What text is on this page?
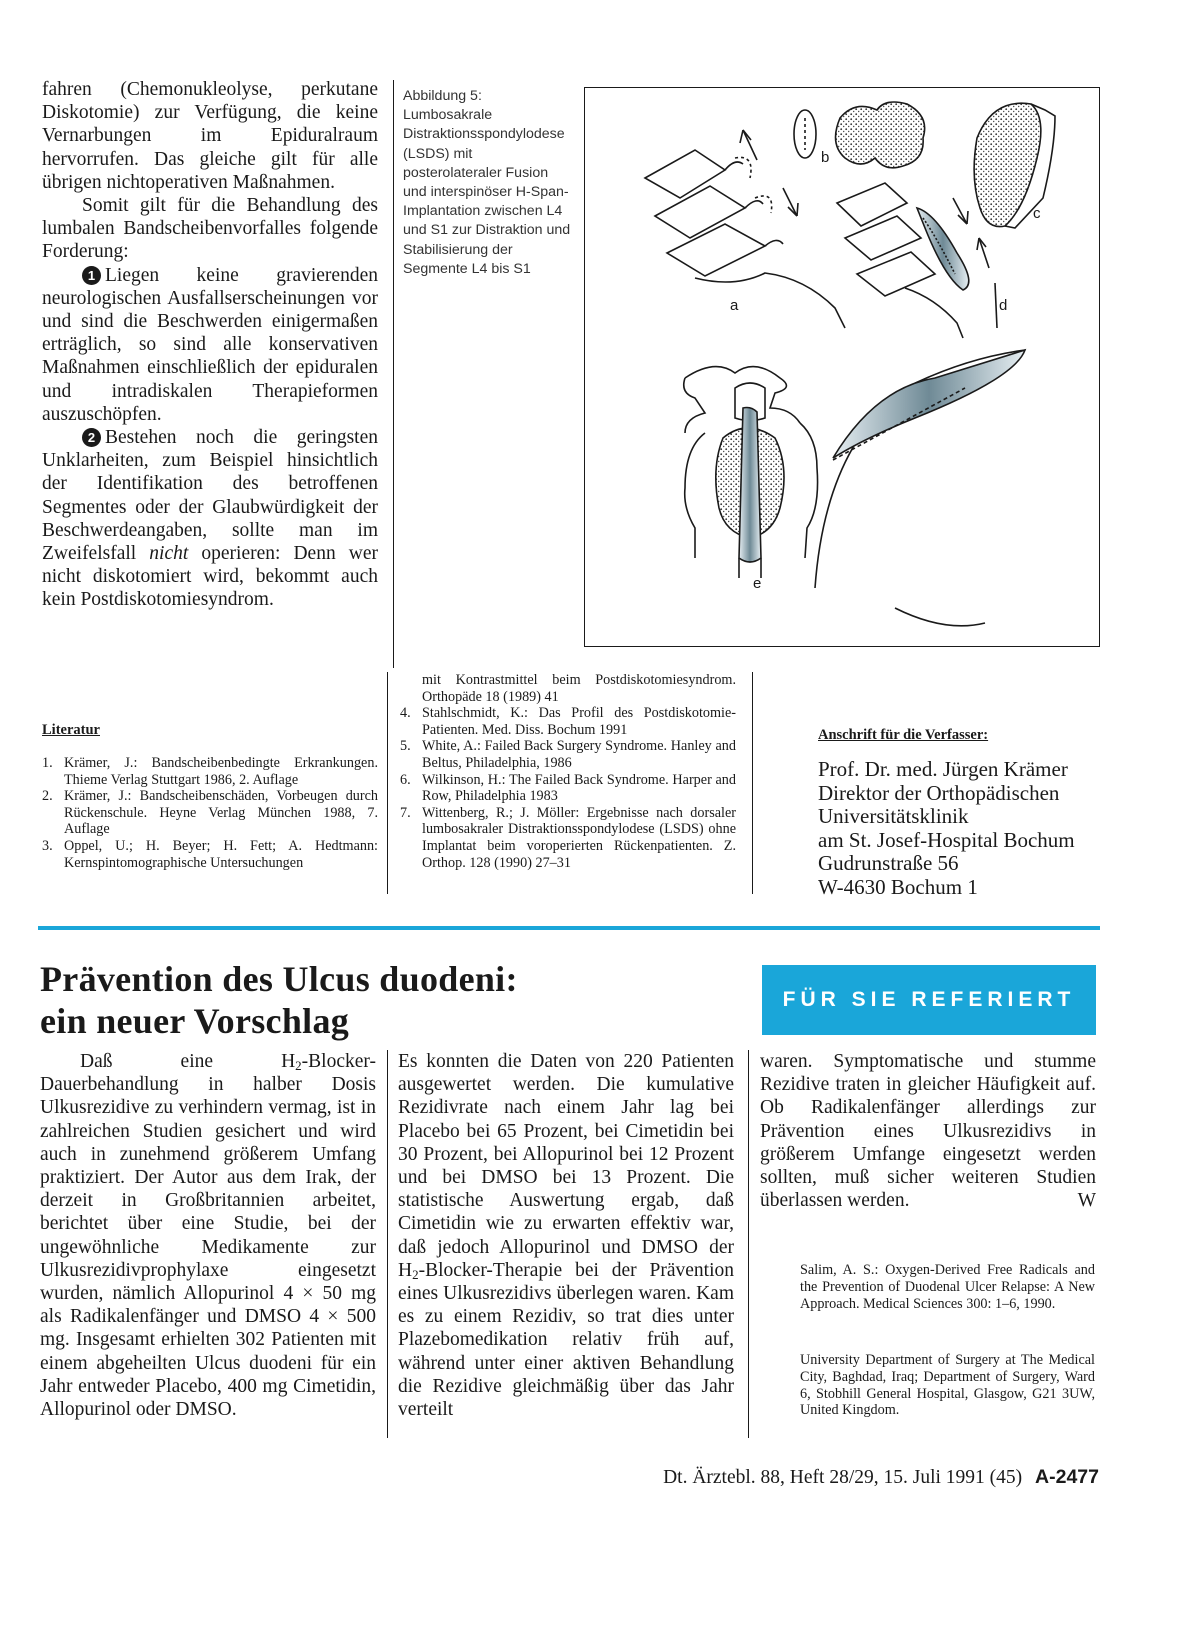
fahren (Chemonukleolyse, perkutane Diskotomie) zur Verfügung, die keine Vernarbungen im Epiduralraum hervorrufen. Das gleiche gilt für alle übrigen nichtoperativen Maßnahmen.

Somit gilt für die Behandlung des lumbalen Bandscheibenvorfalles folgende Forderung:

1 Liegen keine gravierenden neurologischen Ausfallserscheinungen vor und sind die Beschwerden einigermaßen erträglich, so sind alle konservativen Maßnahmen einschließlich der epiduralen und intradiskalen Therapieformen auszuschöpfen.

2 Bestehen noch die geringsten Unklarheiten, zum Beispiel hinsichtlich der Identifikation des betroffenen Segmentes oder der Glaubwürdigkeit der Beschwerdeangaben, sollte man im Zweifelsfall nicht operieren: Denn wer nicht diskotomiert wird, bekommt auch kein Postdiskotomiesyndrom.

Abbildung 5: Lumbosakrale Distraktionsspondylodese (LSDS) mit posterolateraler Fusion und interspinöser H-Span-Implantation zwischen L4 und S1 zur Distraktion und Stabilisierung der Segmente L4 bis S1
a
b
c
d
e
Literatur
1. Krämer, J.: Bandscheibenbedingte Erkrankungen. Thieme Verlag Stuttgart 1986, 2. Auflage
2. Krämer, J.: Bandscheibenschäden, Vorbeugen durch Rückenschule. Heyne Verlag München 1988, 7. Auflage
3. Oppel, U.; H. Beyer; H. Fett; A. Hedtmann: Kernspintomographische Untersuchungen
mit Kontrastmittel beim Postdiskotomiesyndrom. Orthopäde 18 (1989) 41
4. Stahlschmidt, K.: Das Profil des Postdiskotomie-Patienten. Med. Diss. Bochum 1991
5. White, A.: Failed Back Surgery Syndrome. Hanley and Beltus, Philadelphia, 1986
6. Wilkinson, H.: The Failed Back Syndrome. Harper and Row, Philadelphia 1983
7. Wittenberg, R.; J. Möller: Ergebnisse nach dorsaler lumbosakraler Distraktionsspondylodese (LSDS) ohne Implantat beim voroperierten Rückenpatienten. Z. Orthop. 128 (1990) 27–31
Anschrift für die Verfasser:
Prof. Dr. med. Jürgen Krämer
Direktor der Orthopädischen
Universitätsklinik
am St. Josef-Hospital Bochum
Gudrunstraße 56
W-4630 Bochum 1
Prävention des Ulcus duodeni:
ein neuer Vorschlag
FÜR SIE REFERIERT

Daß eine $H_2-Blocker$-Dauerbehandlung in halber Dosis Ulkusrezidive zu verhindern vermag, ist in zahlreichen Studien gesichert und wird auch in zunehmend größerem Umfang praktiziert. Der Autor aus dem Irak, der derzeit in Großbritannien arbeitet, berichtet über eine Studie, bei der ungewöhnliche Medikamente zur Ulkusrezidivprophylaxe eingesetzt wurden, nämlich Allopurinol 4 × 50 mg als Radikalenfänger und DMSO 4 × 500 mg. Insgesamt erhielten 302 Patienten mit einem abgeheilten Ulcus duodeni für ein Jahr entweder Placebo, 400 mg Cimetidin, Allopurinol oder DMSO.

Es konnten die Daten von 220 Patienten ausgewertet werden. Die kumulative Rezidivrate nach einem Jahr lag bei Placebo bei 65 Prozent, bei Cimetidin bei 30 Prozent, bei Allopurinol bei 12 Prozent und bei DMSO bei 13 Prozent. Die statistische Auswertung ergab, daß Cimetidin wie zu erwarten effektiv war, daß jedoch Allopurinol und DMSO der $H_2-Blocker$-Therapie bei der Prävention eines Ulkusrezidivs überlegen waren. Kam es zu einem Rezidiv, so trat dies unter Plazebomedikation relativ früh auf, während unter einer aktiven Behandlung die Rezidive gleichmäßig über das Jahr verteilt

waren. Symptomatische und stumme Rezidive traten in gleicher Häufigkeit auf. Ob Radikalenfänger allerdings zur Prävention eines Ulkusrezidivs in größerem Umfange eingesetzt werden sollten, muß sicher weiteren Studien überlassen werden.	W
Salim, A. S.: Oxygen-Derived Free Radicals and the Prevention of Duodenal Ulcer Relapse: A New Approach. Medical Sciences 300: 1–6, 1990.
University Department of Surgery at The Medical City, Baghdad, Iraq; Department of Surgery, Ward 6, Stobhill General Hospital, Glasgow, G21 3UW, United Kingdom.
Dt. Ärztebl. 88, Heft 28/29, 15. Juli 1991 (45) A-2477
